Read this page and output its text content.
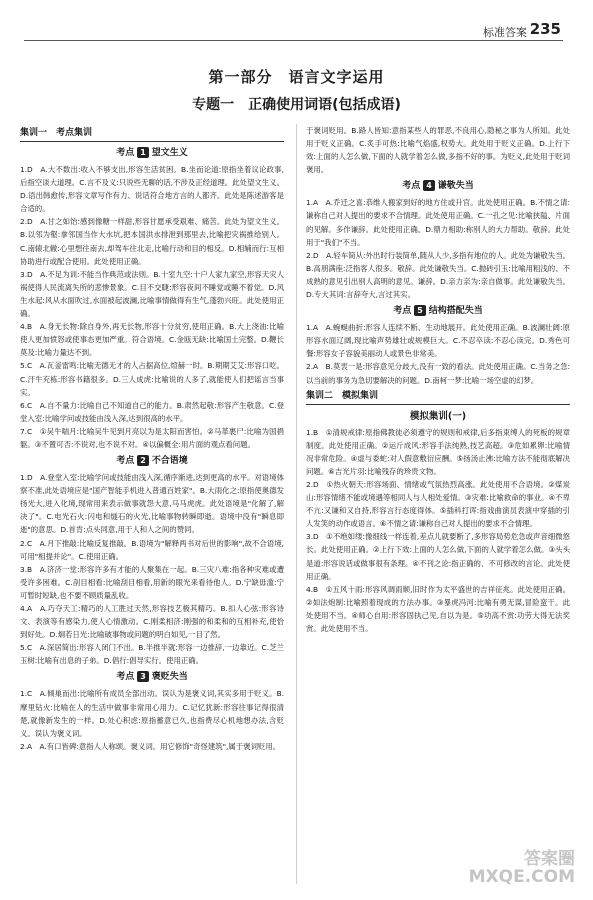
标准答案 235
第一部分　语言文字运用
专题一　正确使用词语(包括成语)
集训一　考点集训
考点 1 望文生义

1.D　A.大不数出:收入不够支出,形容生活贫困。B.坐而论道:原指坐着议论政事,后指空谈大道理。C.言不及义:只说些无聊的话,不涉及正经道理。此处望文生义。D.语出韩愈传,形容文章写作有力、说话符合地方言的人都齐。此处是陈述游客是合适的。

2.D　A.甘之如饴:感到像糖一样甜,形容甘愿承受艰难、痛苦。此处为望文生义。B.以邻为壑:拿邻国当作大水坑,把本国洪水排泄到那里去,比喻把灾祸推给别人。C.南辕北辙:心里想往南去,却驾车往北走,比喻行动和目的相反。D.相辅而行:互相协助进行或配合使用。此处使用正确。

3.D　A.不足为训:不能当作典范或法则。B.十室九空:十户人家九家空,形容天灾人祸使得人民流离失所的悲惨景象。C.目不交睫:形容夜间不睡觉或睡不着觉。D.风生水起:风从水面吹过,水面被起波澜,比喻事情做得有生气,蓬勃兴旺。此处使用正确。

4.B　A.身无长物:除自身外,再无长物,形容十分贫穷,使用正确。B.大上浇油:比喻使人更加愤怒或使事态更加严重。符合语境。C.金瓯无缺:比喻国土完整。D.鞭长莫及:比喻力量达不到。

5.C　A.瓦釜雷鸣:比喻无德无才的人占据高位,煊赫一时。B.期期艾艾:形容口吃。C.汗牛充栋:形容书籍很多。D.三人成虎:比喻说的人多了,就能使人们把谣言当事实。

6.C　A.自不量力:比喻自己不知道自己的能力。B.肃然起敬:形容产生敬意。C.登堂入室:比喻学问或技能由浅入深,达到很高的水平。

7.C　①吴牛喘月:比喻吴牛见到月亮以为是太阳而害怕。②马革裹尸:比喻为国捐躯。③不置可否:不说对,也不说不对。④以偏概全:用片面的观点看问题。

考点 2 不合语境

1.D　A.登堂入室:比喻学问或技能由浅入深,循序渐进,达到更高的水平。对语境体察不准,此处语境应是"国产智能手机进入普通百姓家"。B.大雨化之:原指使奥德发扬光大,进入化境,现常用来表示做事就怨大意,马马虎虎。此处语境是"化解了,解决了"。C.电光石火:闪电和燧石的火光,比喻事物转瞬即逝。语境中没有"瞬息即逝"的意思。D.首肯:点头同意,用于人和人之间的赞同。

2.C　A.月下推敲:比喻反复推敲。B.语境为"解释两书对后世的影响",故不合语境,可用"相提并论"。C.使用正确。

3.B　A.济济一堂:形容许多有才能的人聚集在一起。B.三灾八难:指各种灾难或遭受许多困难。C.剖目相看:比喻刮目相看,用新的眼光来看待他人。D.宁缺毋滥:宁可暂时短缺,也不要不顾质量乱收。

4.A　A.巧夺天工:精巧的人工胜过天然,形容技艺极其精巧。B.扣人心弦:形容诗文、表演等有感染力,使人心情激动。C.刚柔相济:刚强的和柔和的互相补充,使恰到好处。D.炯若日光:比喻破事物或问题的明白如见,一目了然。

5.C　A.深居简出:形容人闭门不出。B.半推半就:形容一边推辞,一边靠近。C.芝兰玉树:比喻有出息的子弟。D.倡行:倡导实行。使用正确。

考点 3 褒贬失当

1.C　A.倾巢而出:比喻所有成员全部出动。误认为是褒义词,其实多用于贬义。B.摩里钻火:比喻在人的生活中做事非常用心用力。C.记忆犹新:形容往事记得很清楚,就像新发生的一样。D.处心积虑:原指蓄意已久,也指费尽心机地想办法,含贬义。误认为褒义词。

2.A　A.有口皆碑:意指人人称颂。褒义词。用它修饰"奇怪建筑",属于褒词贬用。

于褒词贬用。B.路人皆知:意指某些人的罪恶,不良用心,隐秘之事为人所知。此处用于贬义正确。C.炙手可热:比喻气焰盛,权势大。此处用于贬义正确。D.上行下效:上面的人怎么做,下面的人就学着怎么做,多指不好的事。为贬义,此处用于贬词褒用。

考点 4 谦敬失当

1.A　A.乔迁之喜:恭维人搬家到好的地方住或升官。此处使用正确。B.不情之请:谦称自己对人提出的要求不合情理。此处使用正确。C.一孔之见:比喻狭隘、片面的见解。多作谦辞。此处使用正确。D.鼎力相助:称别人的大力帮助。敬辞。此处用于"我们"不当。

2.D　A.轻车简从:外出时行装简单,随从人少,多指有地位的人。此处为谦敬失当。B.高朋满座:泛指客人很多。敬辞。此处谦敬失当。C.抛砖引玉:比喻用粗浅的、不成熟的意见引出别人高明的意见。谦辞。D.亲力亲为:亲自做事。此处谦敬失当。D.专大其词:言辞夸大,言过其实。

考点 5 结构搭配失当

1.A　A.蜿蜒曲折:形容人连续不断、生动地展开。此处使用正确。B.波澜壮阔:原形容水面辽阔,现比喻声势雄壮或规模巨大。C.不忍卒读:不忍心读完。D.秀色可餐:形容女子容貌美丽动人或景色非常美。

2.A　B.莫衷一是:形容意见分歧大,没有一致的看法。此处使用正确。C.当务之急:以当前的事务为急切要解决的问题。D.南柯一梦:比喻一场空虚的幻梦。

集训二　模拟集训
模拟集训(一)

1.B　①清规戒律:原指佛教徒必须遵守的规则和戒律,后多指束缚人的死板的规章制度。此处使用正确。②运斤成风:形容手法纯熟,技艺高超。③危如累卵:比喻情况非常危险。④虚与委蛇:对人假意敷衍应酬。⑤扬汤止沸:比喻方法不能彻底解决问题。⑥吉光片羽:比喻残存的珍贵文物。

2.D　①热火朝天:形容场面、情绪或气氛热烈高涨。此处使用不合语境。②煤炭山:形容情绪不能或境遇等相同人与人相处爱情。③灾难:比喻救命的事业。④不卑不亢:又谦和又自持,形容言行态度得体。⑤插科打诨:指戏曲演员表演中穿插的引人发笑的动作或语言。⑥不情之请:谦称自己对人提出的要求不合情理。

3.D　①不绝如缕:像细线一样连着,差点儿就要断了,多形容局势危急或声音细微悠长。此处使用正确。②上行下效:上面的人怎么做,下面的人就学着怎么做。③头头是道:形容说话或做事很有条理。④不刊之论:指正确的、不可修改的言论。此处使用正确。

4.B　①五风十雨:形容风调雨顺,旧时作为太平盛世的吉祥征兆。此处使用正确。②如法炮制:比喻照着现成的方法办事。③暴虎冯河:比喻有勇无谋,冒险蛮干。此处使用不当。④师心自用:形容固执己见,自以为是。⑤功高不赏:功劳大得无法奖赏。此处使用不当。

答案圈
MXQE.COM
